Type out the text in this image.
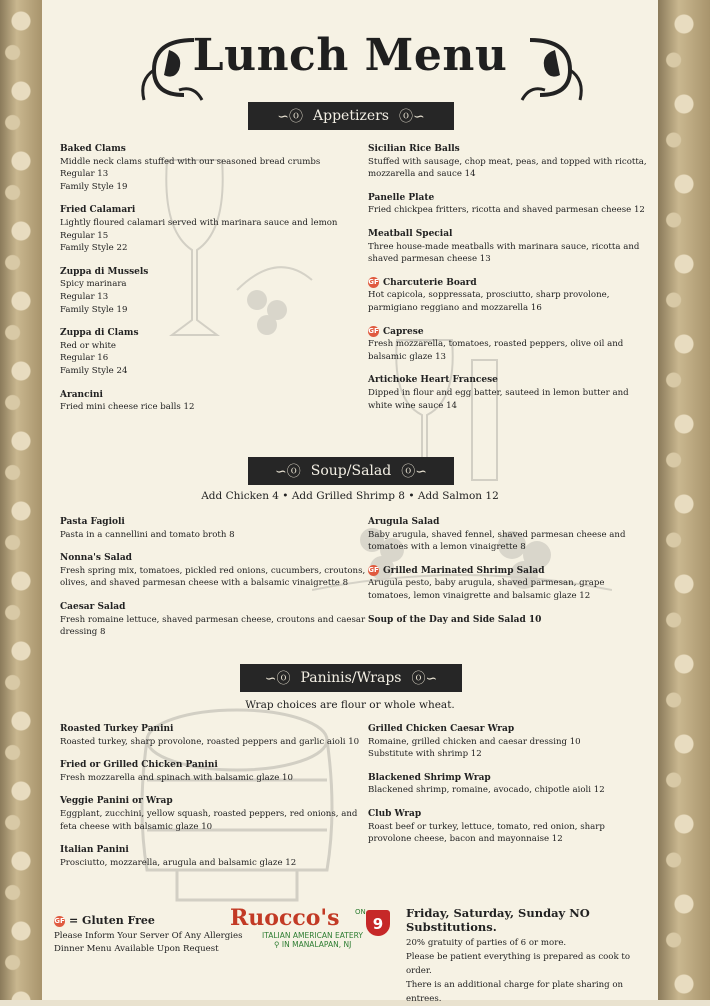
Lunch Menu
∽ⓞ Appetizers ⓞ∽
Baked Clams
Middle neck clams stuffed with our seasoned bread crumbs
Regular 13
Family Style 19
Fried Calamari
Lightly floured calamari served with marinara sauce and lemon
Regular 15
Family Style 22
Zuppa di Mussels
Spicy marinara
Regular 13
Family Style 19
Zuppa di Clams
Red or white
Regular 16
Family Style 24
Arancini
Fried mini cheese rice balls 12
Sicilian Rice Balls
Stuffed with sausage, chop meat, peas, and topped with ricotta,
mozzarella and sauce 14
Panelle Plate
Fried chickpea fritters, ricotta and shaved parmesan cheese 12
Meatball Special
Three house-made meatballs with marinara sauce, ricotta and
shaved parmesan cheese 13
GF Charcuterie Board
Hot capicola, soppressata, prosciutto, sharp provolone,
parmigiano reggiano and mozzarella 16
GF Caprese
Fresh mozzarella, tomatoes, roasted peppers, olive oil and
balsamic glaze 13
Artichoke Heart Francese
Dipped in flour and egg batter, sauteed in lemon butter and
white wine sauce 14
∽ⓞ Soup/Salad ⓞ∽
Add Chicken 4 • Add Grilled Shrimp 8 • Add Salmon 12
Pasta Fagioli
Pasta in a cannellini and tomato broth 8
Nonna's Salad
Fresh spring mix, tomatoes, pickled red onions, cucumbers, croutons,
olives, and shaved parmesan cheese with a balsamic vinaigrette 8
Caesar Salad
Fresh romaine lettuce, shaved parmesan cheese, croutons and caesar
dressing 8
Arugula Salad
Baby arugula, shaved fennel, shaved parmesan cheese and
tomatoes with a lemon vinaigrette 8
GF Grilled Marinated Shrimp Salad
Arugula pesto, baby arugula, shaved parmesan, grape
tomatoes, lemon vinaigrette and balsamic glaze 12
Soup of the Day and Side Salad 10
∽ⓞ Paninis/Wraps ⓞ∽
Wrap choices are flour or whole wheat.
Roasted Turkey Panini
Roasted turkey, sharp provolone, roasted peppers and garlic aioli 10
Fried or Grilled Chicken Panini
Fresh mozzarella and spinach with balsamic glaze 10
Veggie Panini or Wrap
Eggplant, zucchini, yellow squash, roasted peppers, red onions, and
feta cheese with balsamic glaze 10
Italian Panini
Prosciutto, mozzarella, arugula and balsamic glaze 12
Grilled Chicken Caesar Wrap
Romaine, grilled chicken and caesar dressing 10
Substitute with shrimp 12
Blackened Shrimp Wrap
Blackened shrimp, romaine, avocado, chipotle aioli 12
Club Wrap
Roast beef or turkey, lettuce, tomato, red onion, sharp
provolone cheese, bacon and mayonnaise 12
GF = Gluten Free
Please Inform Your Server Of Any Allergies
Dinner Menu Available Upon Request
Ruocco's	ON
9
ITALIAN AMERICAN EATERY
⚲ IN MANALAPAN, NJ
Friday, Saturday, Sunday NO Substitutions.
20% gratuity of parties of 6 or more.
Please be patient everything is prepared as cook to order.
There is an additional charge for plate sharing on entrees.
